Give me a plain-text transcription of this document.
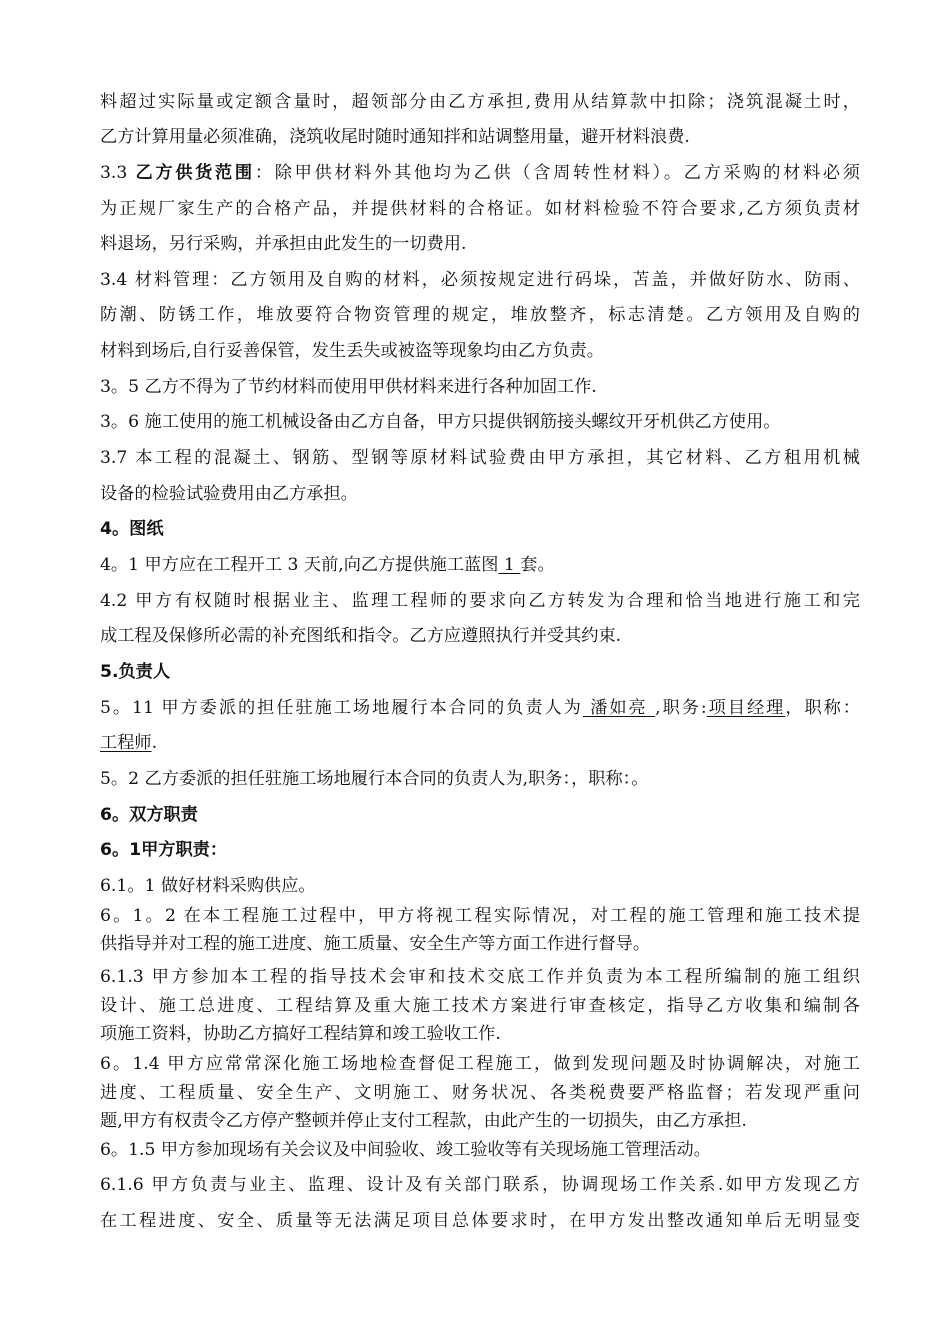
料超过实际量或定额含量时，超领部分由乙方承担,费用从结算款中扣除；浇筑混凝土时，
乙方计算用量必须准确，浇筑收尾时随时通知拌和站调整用量，避开材料浪费.
3.3 乙方供货范围：除甲供材料外其他均为乙供（含周转性材料）。乙方采购的材料必须
为正规厂家生产的合格产品，并提供材料的合格证。如材料检验不符合要求,乙方须负责材
料退场，另行采购，并承担由此发生的一切费用.
3.4 材料管理：乙方领用及自购的材料，必须按规定进行码垛，苫盖，并做好防水、防雨、
防潮、防锈工作，堆放要符合物资管理的规定，堆放整齐，标志清楚。乙方领用及自购的
材料到场后,自行妥善保管，发生丢失或被盗等现象均由乙方负责。
3。5 乙方不得为了节约材料而使用甲供材料来进行各种加固工作.
3。6 施工使用的施工机械设备由乙方自备，甲方只提供钢筋接头螺纹开牙机供乙方使用。
3.7 本工程的混凝土、钢筋、型钢等原材料试验费由甲方承担，其它材料、乙方租用机械
设备的检验试验费用由乙方承担。
4。图纸
4。1 甲方应在工程开工 3 天前,向乙方提供施工蓝图 1 套。
4.2 甲方有权随时根据业主、监理工程师的要求向乙方转发为合理和恰当地进行施工和完
成工程及保修所必需的补充图纸和指令。乙方应遵照执行并受其约束.
5.负责人
5。11 甲方委派的担任驻施工场地履行本合同的负责人为 潘如亮 ,职务:项目经理，职称：
工程师.
5。2 乙方委派的担任驻施工场地履行本合同的负责人为,职务：，职称：。
6。双方职责
6。1甲方职责：
6.1。1 做好材料采购供应。
6。1。2 在本工程施工过程中，甲方将视工程实际情况，对工程的施工管理和施工技术提
供指导并对工程的施工进度、施工质量、安全生产等方面工作进行督导。
6.1.3 甲方参加本工程的指导技术会审和技术交底工作并负责为本工程所编制的施工组织
设计、施工总进度、工程结算及重大施工技术方案进行审查核定，指导乙方收集和编制各
项施工资料，协助乙方搞好工程结算和竣工验收工作.
6。1.4 甲方应常常深化施工场地检查督促工程施工，做到发现问题及时协调解决，对施工
进度、工程质量、安全生产、文明施工、财务状况、各类税费要严格监督；若发现严重问
题,甲方有权责令乙方停产整顿并停止支付工程款，由此产生的一切损失，由乙方承担.
6。1.5 甲方参加现场有关会议及中间验收、竣工验收等有关现场施工管理活动。
6.1.6 甲方负责与业主、监理、设计及有关部门联系，协调现场工作关系.如甲方发现乙方
在工程进度、安全、质量等无法满足项目总体要求时，在甲方发出整改通知单后无明显变
